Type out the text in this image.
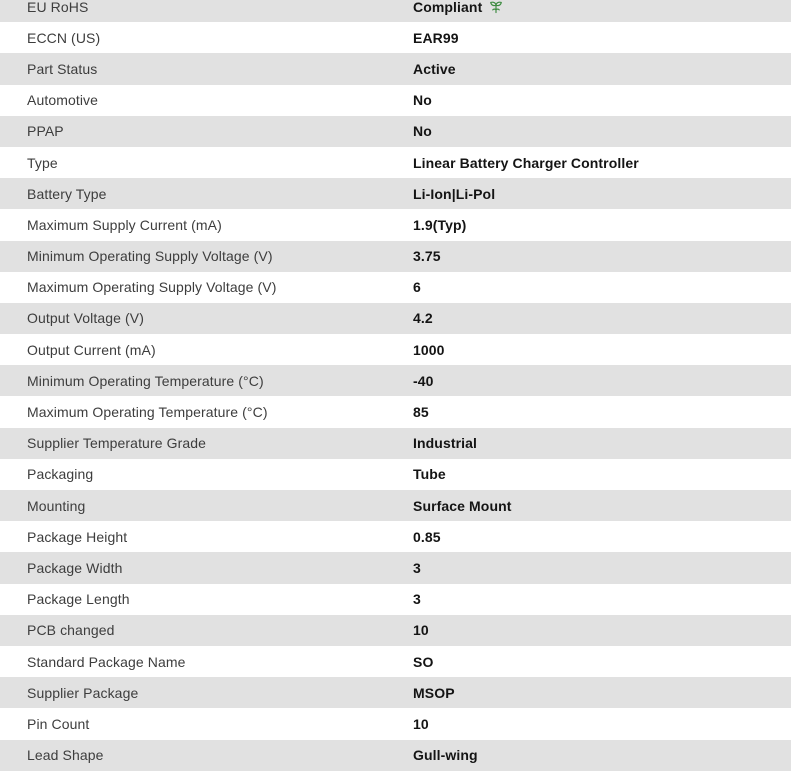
EU RoHS	Compliant
ECCN (US)	EAR99
Part Status	Active
Automotive	No
PPAP	No
Type	Linear Battery Charger Controller
Battery Type	Li-Ion|Li-Pol
Maximum Supply Current (mA)	1.9(Typ)
Minimum Operating Supply Voltage (V)	3.75
Maximum Operating Supply Voltage (V)	6
Output Voltage (V)	4.2
Output Current (mA)	1000
Minimum Operating Temperature (°C)	-40
Maximum Operating Temperature (°C)	85
Supplier Temperature Grade	Industrial
Packaging	Tube
Mounting	Surface Mount
Package Height	0.85
Package Width	3
Package Length	3
PCB changed	10
Standard Package Name	SO
Supplier Package	MSOP
Pin Count	10
Lead Shape	Gull-wing
